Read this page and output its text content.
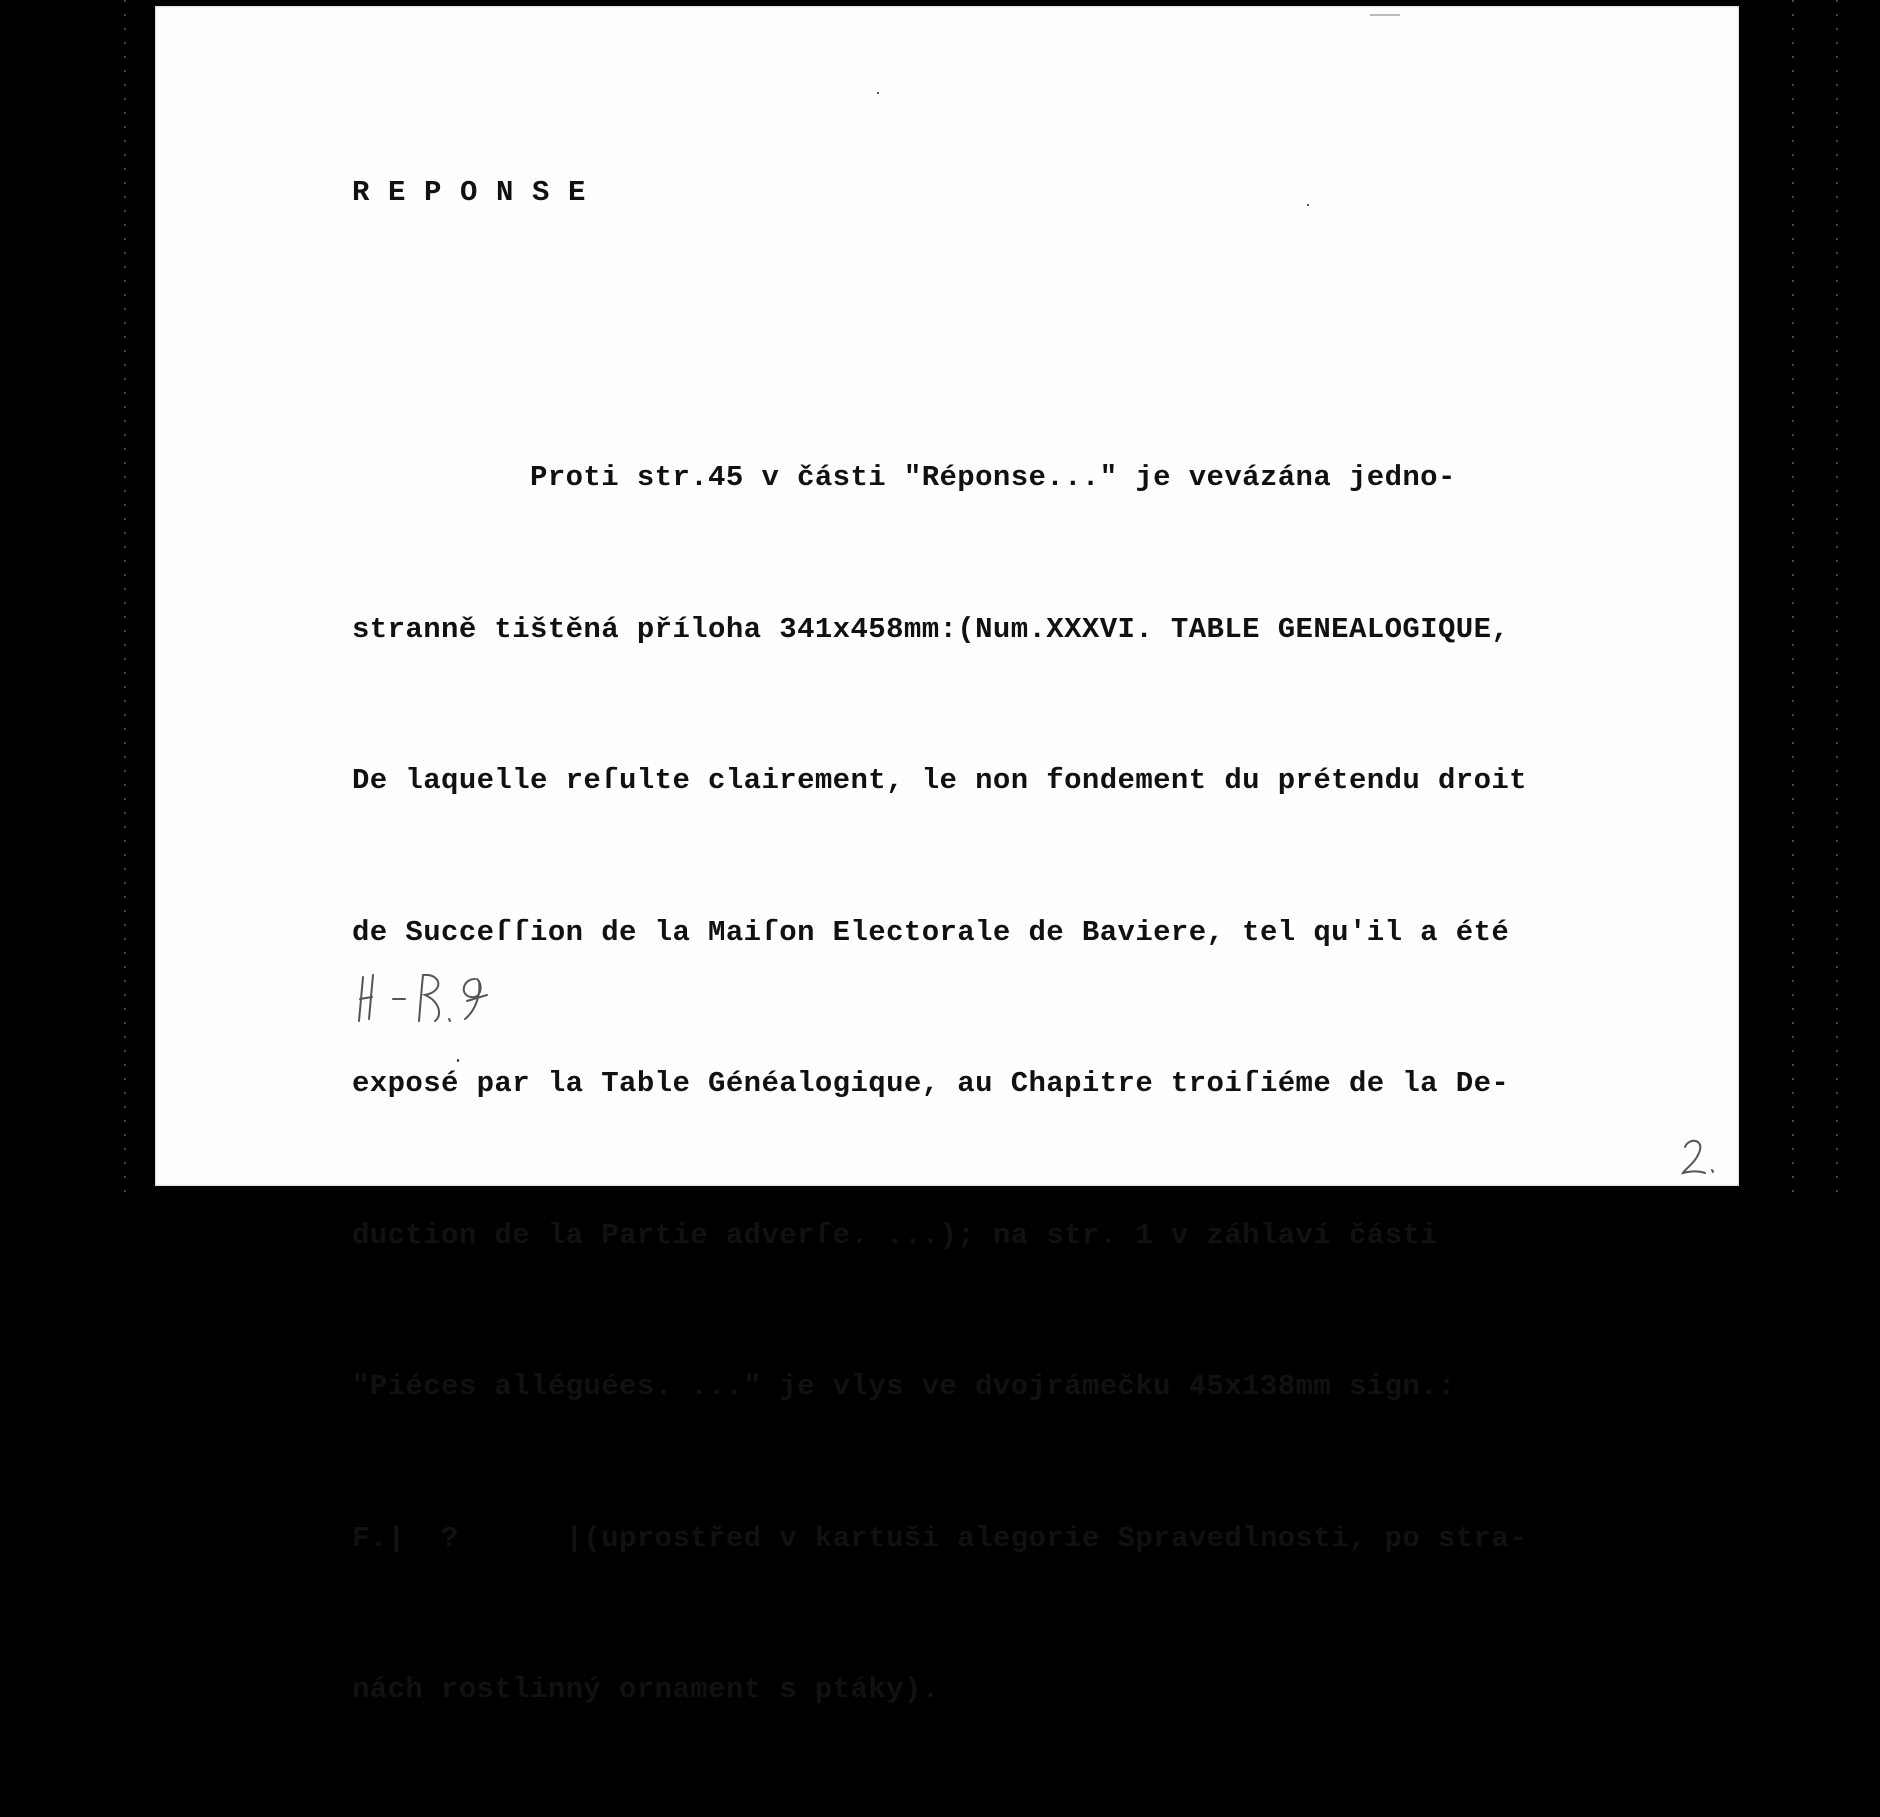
R E P O N S E

Proti str.45 v části "Réponse..." je vevázána jedno-

stranně tištěná příloha 341x458mm:(Num.XXXVI. TABLE GENEALOGIQUE,

De laquelle reſulte clairement, le non fondement du prétendu droit

de Succeſſion de la Maiſon Electorale de Baviere, tel qu'il a été

exposé par la Table Généalogique, au Chapitre troiſiéme de la De-

duction de la Partie adverſe. ...); na str. 1 v záhlaví části

"Piéces alléguées. ..." je vlys ve dvojrámečku 45x138mm sign.:

F.|  ?      |(uprostřed v kartuši alegorie Spravedlnosti, po stra-

nách rostlinný ornament s ptáky).
